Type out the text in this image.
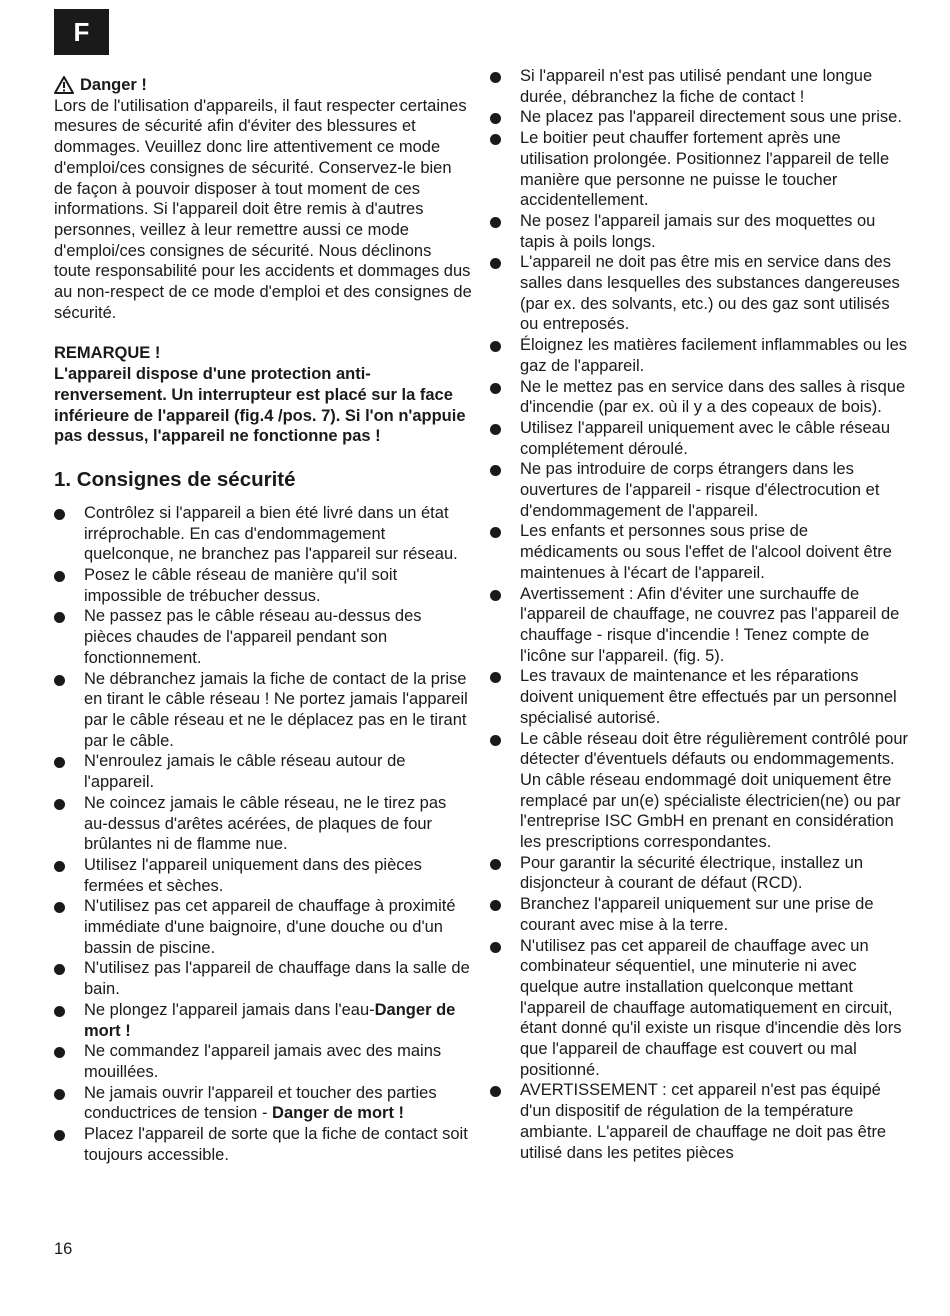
F
Danger !

Lors de l'utilisation d'appareils, il faut respecter certaines mesures de sécurité afin d'éviter des blessures et dommages. Veuillez donc lire attentivement ce mode d'emploi/ces consignes de sécurité. Conservez-le bien de façon à pouvoir disposer à tout moment de ces informations. Si l'appareil doit être remis à d'autres personnes, veillez à leur remettre aussi ce mode d'emploi/ces consignes de sécurité. Nous déclinons toute responsabilité pour les accidents et dommages dus au non-respect de ce mode d'emploi et des consignes de sécurité.

REMARQUE !

L'appareil dispose d'une protection anti-renversement. Un interrupteur est placé sur la face inférieure de l'appareil (fig.4 /pos. 7). Si l'on n'appuie pas dessus, l'appareil ne fonctionne pas !

1. Consignes de sécurité
Contrôlez si l'appareil a bien été livré dans un état irréprochable. En cas d'endommagement quelconque, ne branchez pas l'appareil sur réseau.
Posez le câble réseau de manière qu'il soit impossible de trébucher dessus.
Ne passez pas le câble réseau au-dessus des pièces chaudes de l'appareil pendant son fonctionnement.
Ne débranchez jamais la fiche de contact de la prise en tirant le câble réseau ! Ne portez jamais l'appareil par le câble réseau et ne le déplacez pas en le tirant par le câble.
N'enroulez jamais le câble réseau autour de l'appareil.
Ne coincez jamais le câble réseau, ne le tirez pas au-dessus d'arêtes acérées, de plaques de four brûlantes ni de flamme nue.
Utilisez l'appareil uniquement dans des pièces fermées et sèches.
N'utilisez pas cet appareil de chauffage à proximité immédiate d'une baignoire, d'une douche ou d'un bassin de piscine.
N'utilisez pas l'appareil de chauffage dans la salle de bain.
Ne plongez l'appareil jamais dans l'eau-Danger de mort !
Ne commandez l'appareil jamais avec des mains mouillées.
Ne jamais ouvrir l'appareil et toucher des parties conductrices de tension - Danger de mort !
Placez l'appareil de sorte que la fiche de contact soit toujours accessible.
Si l'appareil n'est pas utilisé pendant une longue durée, débranchez la fiche de contact !
Ne placez pas l'appareil directement sous une prise.
Le boitier peut chauffer fortement après une utilisation prolongée. Positionnez l'appareil de telle manière que personne ne puisse le toucher accidentellement.
Ne posez l'appareil jamais sur des moquettes ou tapis à poils longs.
L'appareil ne doit pas être mis en service dans des salles dans lesquelles des substances dangereuses (par ex. des solvants, etc.) ou des gaz sont utilisés ou entreposés.
Éloignez les matières facilement inflammables ou les gaz de l'appareil.
Ne le mettez pas en service dans des salles à risque d'incendie (par ex. où il y a des copeaux de bois).
Utilisez l'appareil uniquement avec le câble réseau complétement déroulé.
Ne pas introduire de corps étrangers dans les ouvertures de l'appareil - risque d'électrocution et d'endommagement de l'appareil.
Les enfants et personnes sous prise de médicaments ou sous l'effet de l'alcool doivent être maintenues à l'écart de l'appareil.
Avertissement : Afin d'éviter une surchauffe de l'appareil de chauffage, ne couvrez pas l'appareil de chauffage - risque d'incendie ! Tenez compte de l'icône sur l'appareil. (fig. 5).
Les travaux de maintenance et les réparations doivent uniquement être effectués par un personnel spécialisé autorisé.
Le câble réseau doit être régulièrement contrôlé pour détecter d'éventuels défauts ou endommagements. Un câble réseau endommagé doit uniquement être remplacé par un(e) spécialiste électricien(ne) ou par l'entreprise ISC GmbH en prenant en considération les prescriptions correspondantes.
Pour garantir la sécurité électrique, installez un disjoncteur à courant de défaut (RCD).
Branchez l'appareil uniquement sur une prise de courant avec mise à la terre.
N'utilisez pas cet appareil de chauffage avec un combinateur séquentiel, une minuterie ni avec quelque autre installation quelconque mettant l'appareil de chauffage automatiquement en circuit, étant donné qu'il existe un risque d'incendie dès lors que l'appareil de chauffage est couvert ou mal positionné.
AVERTISSEMENT : cet appareil n'est pas équipé d'un dispositif de régulation de la température ambiante. L'appareil de chauffage ne doit pas être utilisé dans les petites pièces
16
